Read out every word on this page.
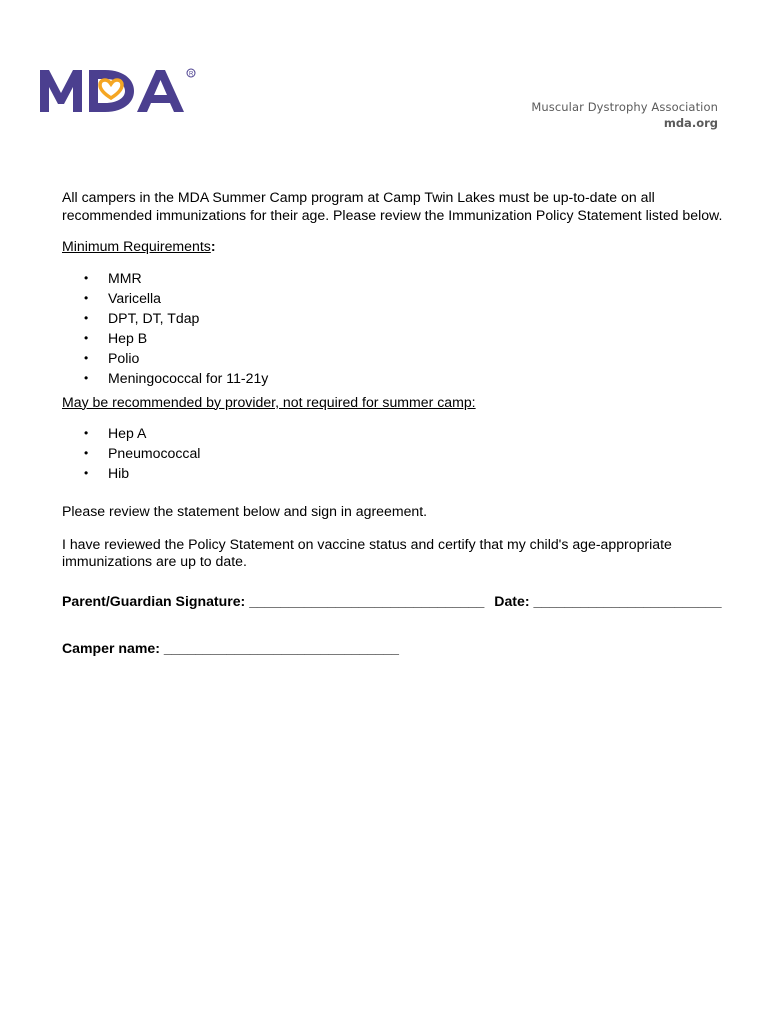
R
Muscular Dystrophy Association
mda.org

All campers in the MDA Summer Camp program at Camp Twin Lakes must be up-to-date on all recommended immunizations for their age. Please review the Immunization Policy Statement listed below.

Minimum Requirements:

• MMR
• Varicella
• DPT, DT, Tdap
• Hep B
• Polio
• Meningococcal for 11-21y

May be recommended by provider, not required for summer camp:

• Hep A
• Pneumococcal
• Hib

Please review the statement below and sign in agreement.

I have reviewed the Policy Statement on vaccine status and certify that my child's age-appropriate immunizations are up to date.

Parent/Guardian Signature: ______________________________ Date: ________________________

Camper name: ______________________________
